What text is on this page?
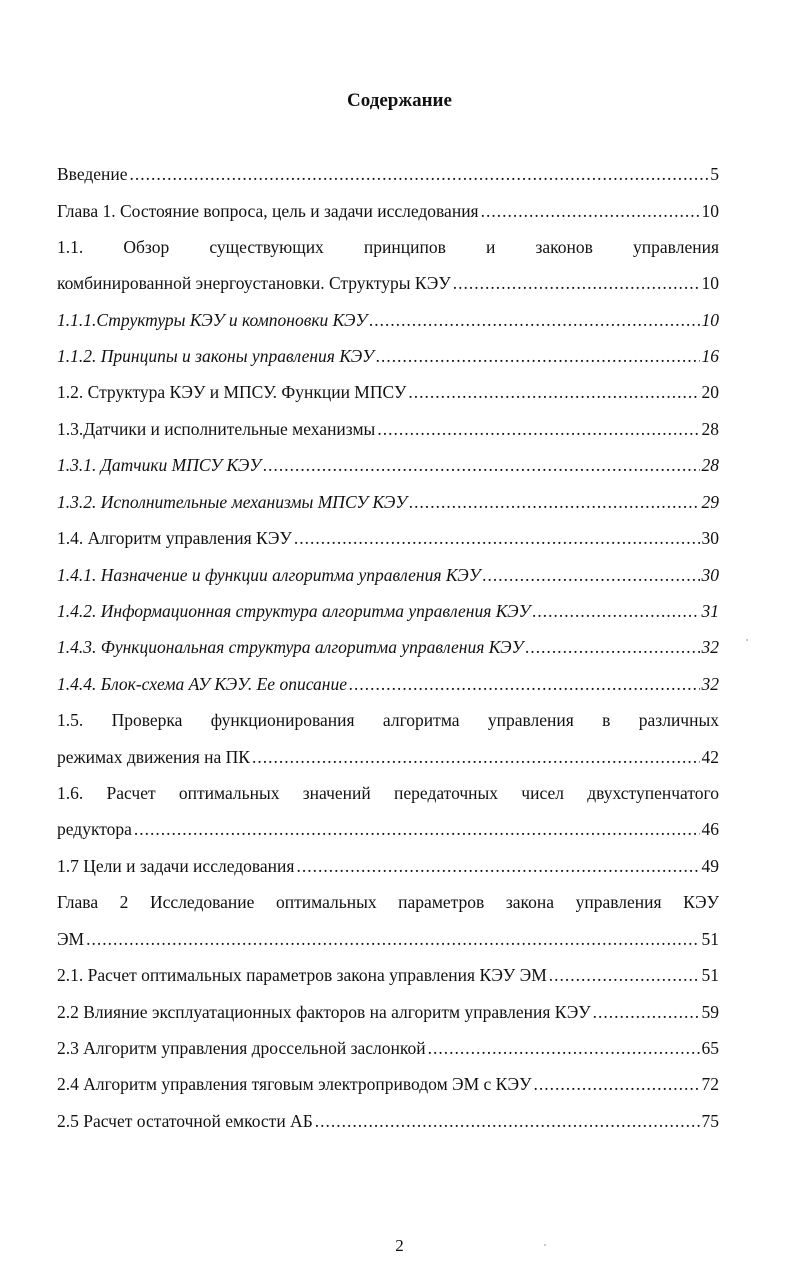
Содержание
Введение .....	5
Глава 1. Состояние вопроса, цель и задачи исследования .....	10
1.1. Обзор существующих принципов и законов управления
комбинированной энергоустановки. Структуры КЭУ .....	10
1.1.1.Структуры КЭУ и компоновки КЭУ .....	10
1.1.2. Принципы и законы управления КЭУ .....	16
1.2. Структура КЭУ и МПСУ. Функции МПСУ .....	20
1.3.Датчики и исполнительные механизмы .....	28
1.3.1. Датчики МПСУ КЭУ .....	28
1.3.2. Исполнительные механизмы МПСУ КЭУ .....	29
1.4. Алгоритм управления КЭУ .....	30
1.4.1. Назначение и функции алгоритма управления КЭУ .....	30
1.4.2. Информационная структура алгоритма управления КЭУ .....	31
1.4.3. Функциональная структура алгоритма управления КЭУ .....	32
1.4.4. Блок-схема АУ КЭУ. Ее описание .....	32
1.5. Проверка функционирования алгоритма управления в различных
режимах движения на ПК .....	42
1.6. Расчет оптимальных значений передаточных чисел двухступенчатого
редуктора .....	46
1.7 Цели и задачи исследования .....	49
Глава 2 Исследование оптимальных параметров закона управления КЭУ
ЭМ .....	51
2.1. Расчет оптимальных параметров закона управления КЭУ ЭМ .....	51
2.2 Влияние эксплуатационных факторов на алгоритм управления КЭУ .....	59
2.3 Алгоритм управления дроссельной заслонкой .....	65
2.4 Алгоритм управления тяговым электроприводом ЭМ с КЭУ .....	72
2.5 Расчет остаточной емкости АБ .....	75
2
